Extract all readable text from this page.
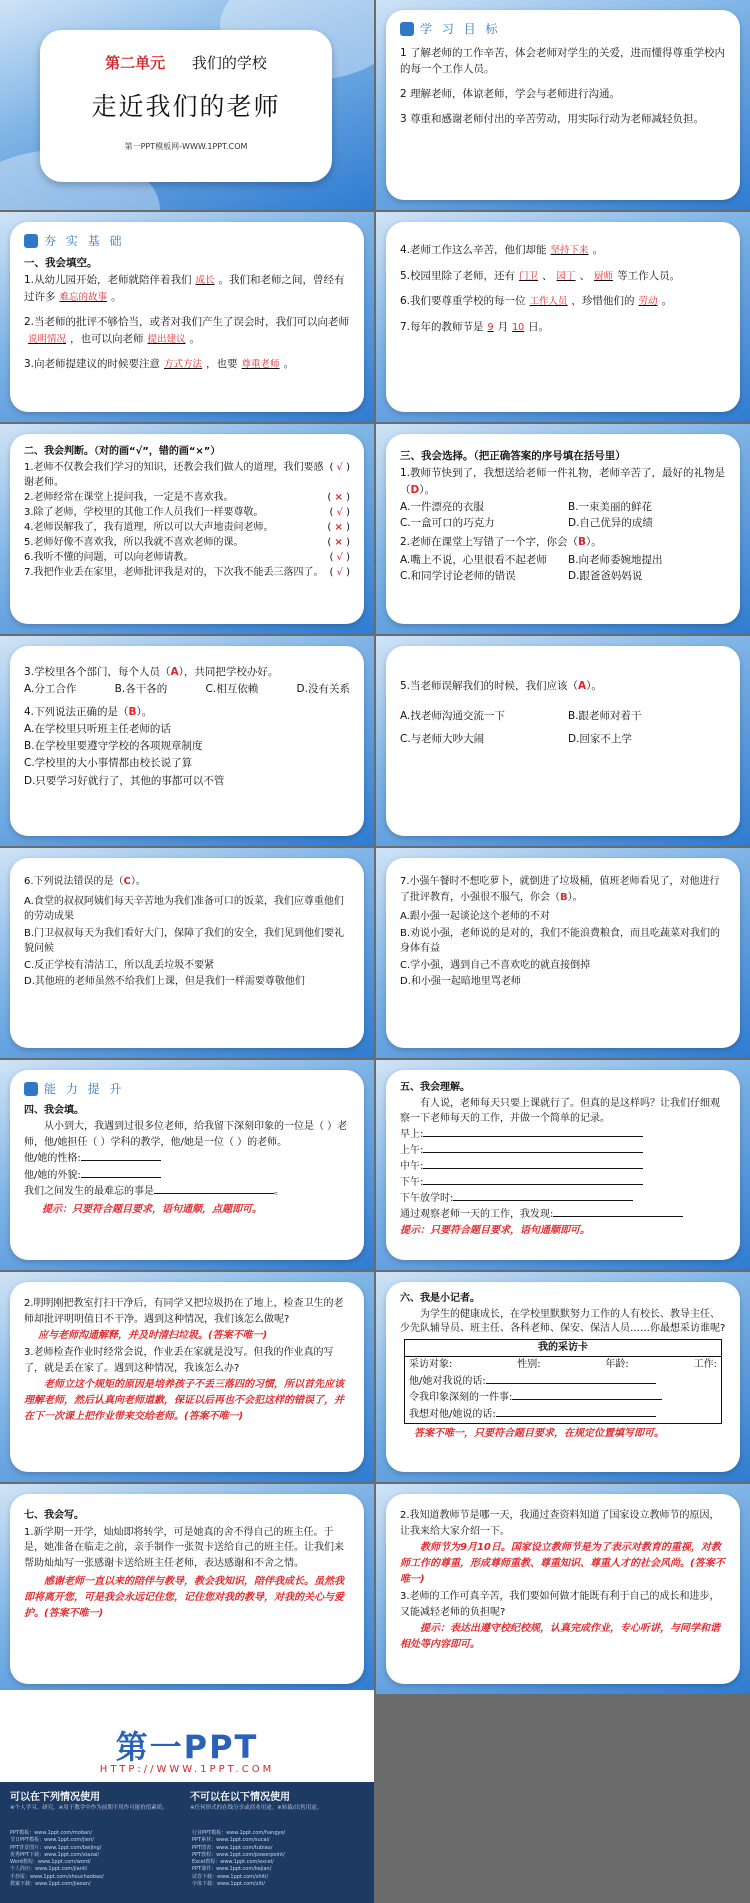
第二单元 我们的学校
走近我们的老师
第一PPT模板网-WWW.1PPT.COM
学 习 目 标

1 了解老师的工作辛苦，体会老师对学生的关爱，进而懂得尊重学校内的每一个工作人员。

2 理解老师，体谅老师，学会与老师进行沟通。

3 尊重和感谢老师付出的辛苦劳动，用实际行动为老师减轻负担。

夯 实 基 础

一、我会填空。

1.从幼儿园开始，老师就陪伴着我们 成长 。我们和老师之间，曾经有过许多 难忘的故事 。

2.当老师的批评不够恰当，或者对我们产生了误会时，我们可以向老师说明情况 ，也可以向老师 提出建议 。

3.向老师提建议的时候要注意 方式方法 ，也要 尊重老师 。

4.老师工作这么辛苦，他们却能 坚持下来 。

5.校园里除了老师，还有 门卫 、 园丁 、 厨师 等工作人员。

6.我们要尊重学校的每一位 工作人员 ，珍惜他们的 劳动 。

7.每年的教师节是 9 月 10 日。

二、我会判断。（对的画“√”，错的画“×”）

1.老师不仅教会我们学习的知识，还教会我们做人的道理，我们要感谢老师。
( √ )
2.老师经常在课堂上提问我，一定是不喜欢我。	( × )
3.除了老师，学校里的其他工作人员我们一样要尊敬。	( √ )
4.老师误解我了，我有道理，所以可以大声地责问老师。	( × )
5.老师好像不喜欢我，所以我就不喜欢老师的课。	( × )
6.我听不懂的问题，可以向老师请教。	( √ )
7.我把作业丢在家里，老师批评我是对的，下次我不能丢三落四了。 ( √ )

三、我会选择。（把正确答案的序号填在括号里）

1.教师节快到了，我想送给老师一件礼物，老师辛苦了，最好的礼物是（D）。

A.一件漂亮的衣服	B.一束美丽的鲜花
C.一盒可口的巧克力	D.自己优异的成绩

2.老师在课堂上写错了一个字，你会（B）。

A.嘴上不说，心里很看不起老师	B.向老师委婉地提出
C.和同学讨论老师的错误	D.跟爸爸妈妈说

3.学校里各个部门，每个人员（A），共同把学校办好。

A.分工合作	B.各干各的	C.相互依赖	D.没有关系

4.下列说法正确的是（B）。

A.在学校里只听班主任老师的话

B.在学校里要遵守学校的各项规章制度

C.学校里的大小事情都由校长说了算

D.只要学习好就行了，其他的事都可以不管

5.当老师误解我们的时候，我们应该（A）。

A.找老师沟通交流一下	B.跟老师对着干
C.与老师大吵大闹	D.回家不上学

6.下列说法错误的是（C）。

A.食堂的叔叔阿姨们每天辛苦地为我们准备可口的饭菜，我们应尊重他们的劳动成果

B.门卫叔叔每天为我们看好大门，保障了我们的安全，我们见到他们要礼貌问候

C.反正学校有清洁工，所以乱丢垃圾不要紧

D.其他班的老师虽然不给我们上课，但是我们一样需要尊敬他们

7.小强午餐时不想吃萝卜，就倒进了垃圾桶，值班老师看见了，对他进行了批评教育，小强很不服气，你会（B）。

A.跟小强一起谈论这个老师的不对

B.劝说小强，老师说的是对的，我们不能浪费粮食，而且吃蔬菜对我们的身体有益

C.学小强，遇到自己不喜欢吃的就直接倒掉

D.和小强一起暗地里骂老师

能 力 提 升

四、我会填。

从小到大，我遇到过很多位老师，给我留下深刻印象的一位是（ ）老师，他/她担任（ ）学科的教学，他/她是一位（ ）的老师。

他/她的性格:

他/她的外貌:

我们之间发生的最难忘的事是	。

提示：只要符合题目要求，语句通顺，点题即可。

五、我会理解。

有人说，老师每天只要上课就行了。但真的是这样吗？让我们仔细观察一下老师每天的工作，并做一个简单的记录。

早上:

上午:

中午:

下午:

下午放学时:

通过观察老师一天的工作，我发现:

提示：只要符合题目要求，语句通顺即可。

2.明明刚把教室打扫干净后，有同学又把垃圾扔在了地上，检查卫生的老师却批评明明值日不干净。遇到这种情况，我们该怎么做呢?

应与老师沟通解释，并及时清扫垃圾。(答案不唯一)

3.老师检查作业时经常会说，作业丢在家就是没写。但我的作业真的写了，就是丢在家了。遇到这种情况，我该怎么办?

老师立这个规矩的原因是培养孩子不丢三落四的习惯，所以首先应该理解老师，然后认真向老师道歉，保证以后再也不会犯这样的错误了，并在下一次课上把作业带来交给老师。(答案不唯一)

六、我是小记者。

为学生的健康成长，在学校里默默努力工作的人有校长、教导主任、少先队辅导员、班主任、各科老师、保安、保洁人员……你最想采访谁呢?

我的采访卡
采访对象:	性别:	年龄:	工作:
他/她对我说的话:
令我印象深刻的一件事:
我想对他/她说的话:

答案不唯一，只要符合题目要求，在规定位置填写即可。

七、我会写。

1.新学期一开学，灿灿即将转学，可是她真的舍不得自己的班主任。于是，她准备在临走之前，亲手制作一张贺卡送给自己的班主任。让我们来帮助灿灿写一张感谢卡送给班主任老师，表达感谢和不舍之情。

感谢老师一直以来的陪伴与教导，教会我知识，陪伴我成长。虽然我即将离开您，可是我会永远记住您，记住您对我的教导，对我的关心与爱护。(答案不唯一)

2.我知道教师节是哪一天，我通过查资料知道了国家设立教师节的原因，让我来给大家介绍一下。

教师节为9月10日。国家设立教师节是为了表示对教育的重视，对教师工作的尊重，形成尊师重教、尊重知识、尊重人才的社会风尚。(答案不唯一)

3.老师的工作可真辛苦，我们要如何做才能既有利于自己的成长和进步，又能减轻老师的负担呢?

提示：表达出遵守校纪校规，认真完成作业，专心听讲，与同学和谐相处等内容即可。

第一PPT
HTTP://WWW.1PPT.COM
可以在下列情况使用
※个人学习、研究。※用于教学中作为前期不用作可能价值素质。
不可以在以下情况使用
※任何形式的在线分享或商业用途。※转载/出售用途。
PPT模板：www.1ppt.com/moban/
节日PPT模板：www.1ppt.com/jieri/
PPT背景图片：www.1ppt.com/beijing/
优秀PPT下载：www.1ppt.com/xiazai/
Word教程：www.1ppt.com/word/
个人简历：www.1ppt.com/jianli/
手抄报：www.1ppt.com/shouchaobao/
教案下载：www.1ppt.com/jiaoan/
行业PPT模板：www.1ppt.com/hangye/
PPT素材：www.1ppt.com/sucai/
PPT图表：www.1ppt.com/tubiao/
PPT教程：www.1ppt.com/powerpoint/
Excel教程：www.1ppt.com/excel/
PPT课件：www.1ppt.com/kejian/
试卷下载：www.1ppt.com/shiti/
字体下载：www.1ppt.com/ziti/
